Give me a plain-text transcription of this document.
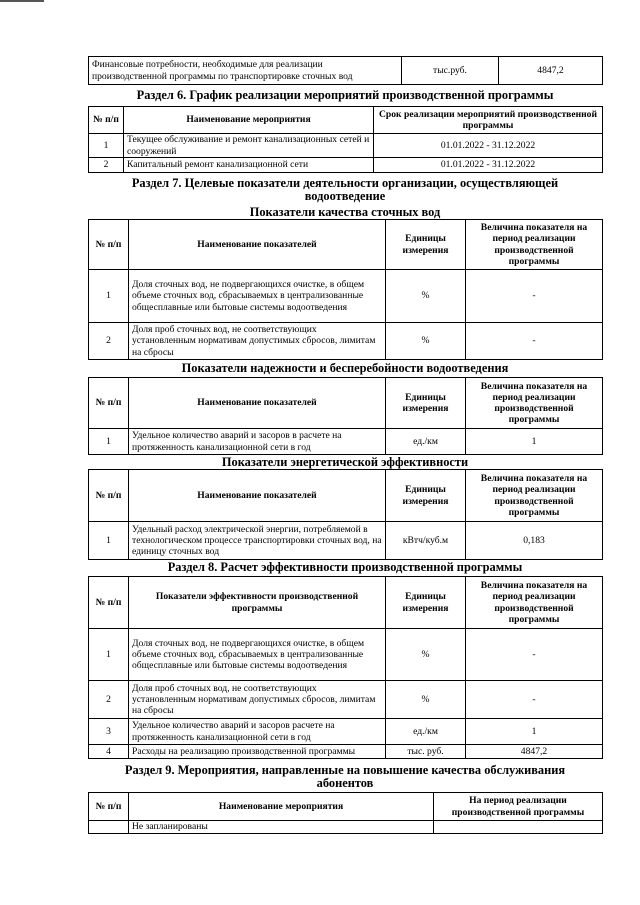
Финансовые потребности, необходимые для реализации производственной программы по транспортировке сточных вод	тыс.руб.	4847,2

Раздел 6. График реализации мероприятий производственной программы

№ п/п	Наименование мероприятия	Срок реализации мероприятий производственной программы
1	Текущее обслуживание и ремонт канализационных сетей и сооружений	01.01.2022 - 31.12.2022
2	Капитальный ремонт канализационной сети	01.01.2022 - 31.12.2022

Раздел 7. Целевые показатели деятельности организации, осуществляющей водоотведение

Показатели качества сточных вод

№ п/п	Наименование показателей	Единицы измерения	Величина показателя на период реализации производственной программы
1	Доля сточных вод, не подвергающихся очистке, в общем объеме сточных вод, сбрасываемых в централизованные общесплавные или бытовые системы водоотведения	%	-
2	Доля проб сточных вод, не соответствующих установленным нормативам допустимых сбросов, лимитам на сбросы	%	-

Показатели надежности и бесперебойности водоотведения

№ п/п	Наименование показателей	Единицы измерения	Величина показателя на период реализации производственной программы
1	Удельное количество аварий и засоров в расчете на протяженность канализационной сети в год	ед./км	1

Показатели энергетической эффективности

№ п/п	Наименование показателей	Единицы измерения	Величина показателя на период реализации производственной программы
1	Удельный расход электрической энергии, потребляемой в технологическом процессе транспортировки сточных вод, на единицу сточных вод	кВтч/куб.м	0,183

Раздел 8. Расчет эффективности производственной программы

№ п/п	Показатели эффективности производственной программы	Единицы измерения	Величина показателя на период реализации производственной программы
1	Доля сточных вод, не подвергающихся очистке, в общем объеме сточных вод, сбрасываемых в централизованные общесплавные или бытовые системы водоотведения	%	-
2	Доля проб сточных вод, не соответствующих установленным нормативам допустимых сбросов, лимитам на сбросы	%	-
3	Удельное количество аварий и засоров расчете на протяженность канализационной сети в год	ед./км	1
4	Расходы на реализацию производственной программы	тыс. руб.	4847,2

Раздел 9. Мероприятия, направленные на повышение качества обслуживания абонентов

№ п/п	Наименование мероприятия	На период реализации производственной программы
	Не запланированы	
